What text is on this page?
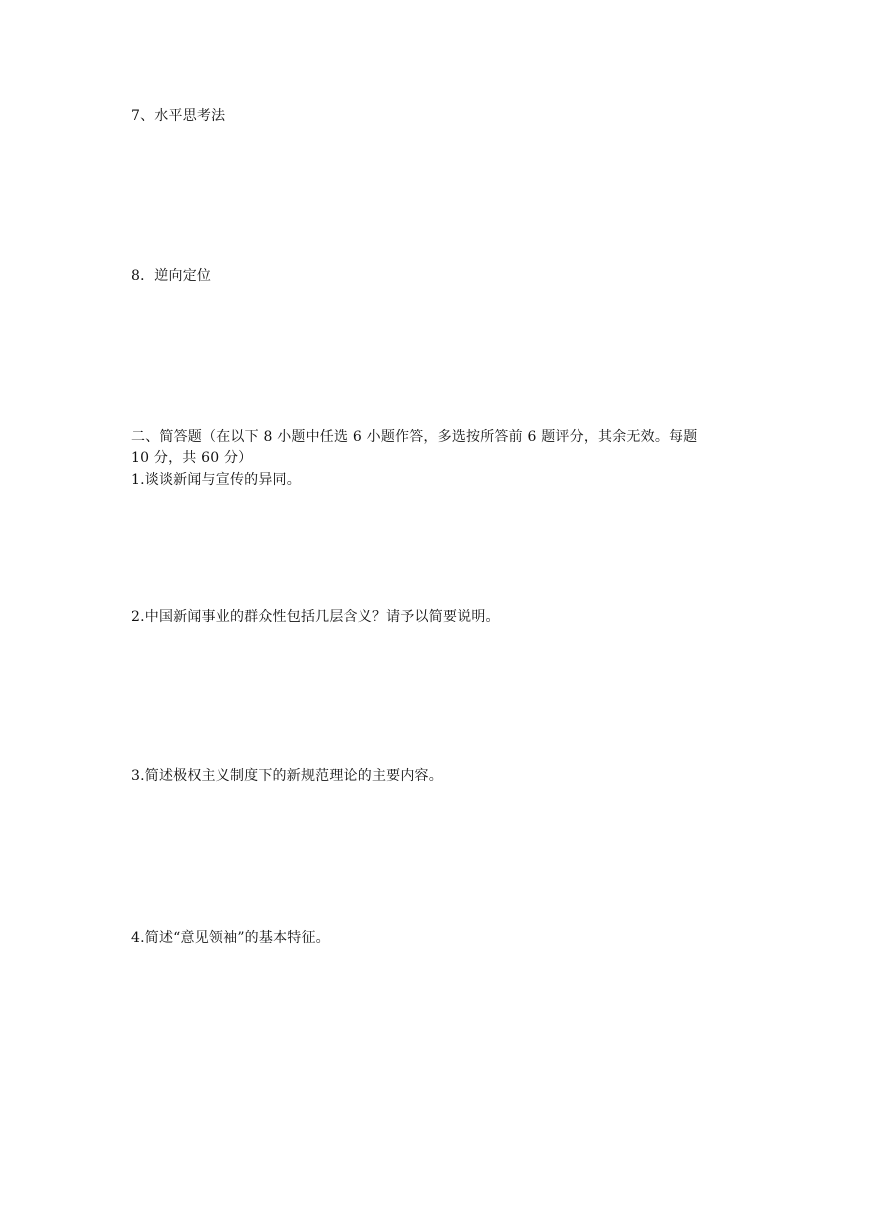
7、水平思考法
8．逆向定位
二、简答题（在以下 8 小题中任选 6 小题作答，多选按所答前 6 题评分，其余无效。每题
10 分，共 60 分）
1.谈谈新闻与宣传的异同。
2.中国新闻事业的群众性包括几层含义？请予以简要说明。
3.简述极权主义制度下的新规范理论的主要内容。
4.简述“意见领袖”的基本特征。
